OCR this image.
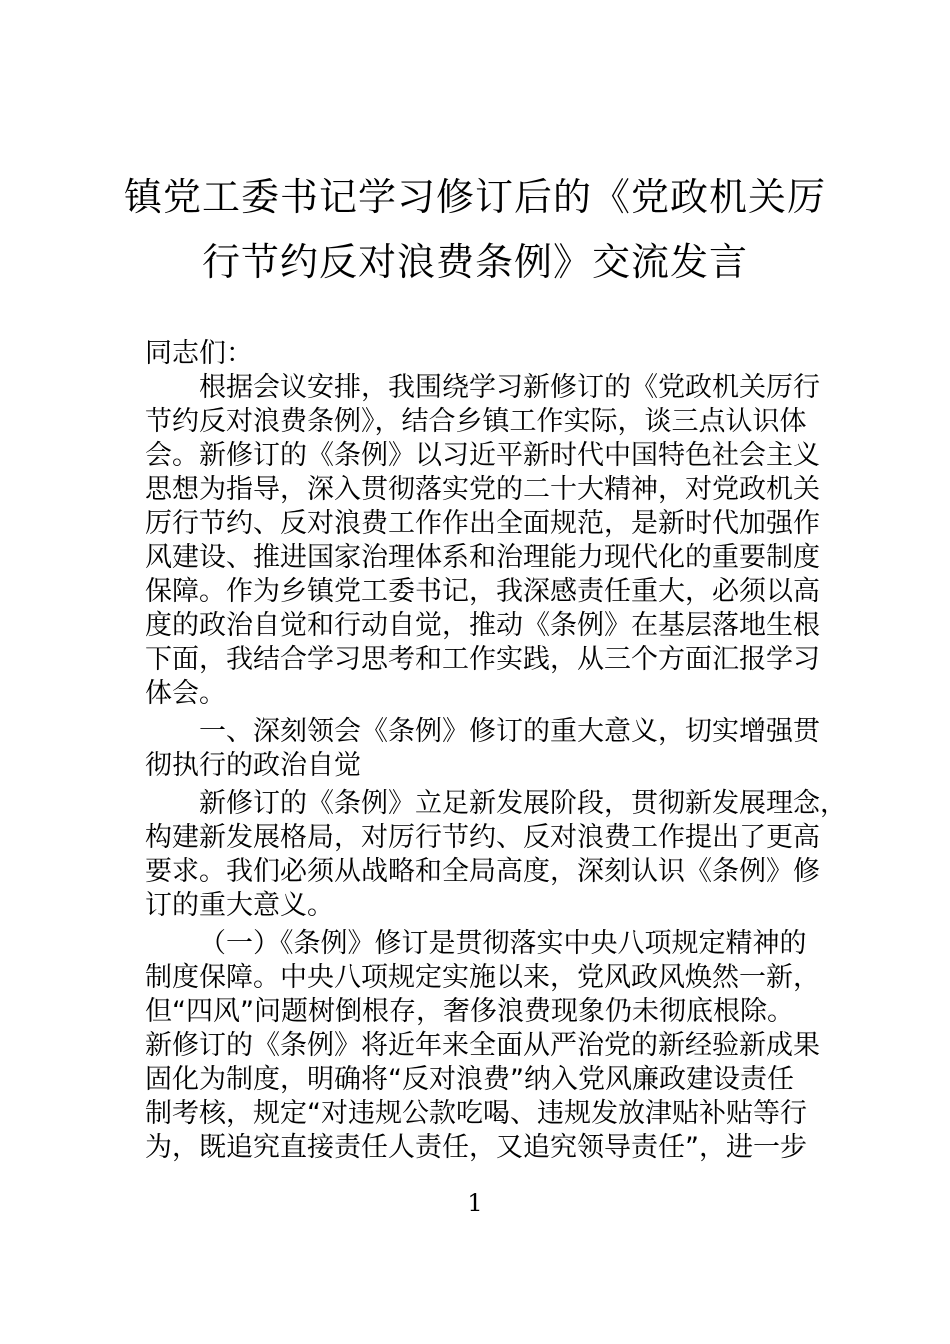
镇党工委书记学习修订后的《党政机关厉
行节约反对浪费条例》交流发言
同志们：
根据会议安排，我围绕学习新修订的《党政机关厉行
节约反对浪费条例》，结合乡镇工作实际，谈三点认识体
会。新修订的《条例》以习近平新时代中国特色社会主义
思想为指导，深入贯彻落实党的二十大精神，对党政机关
厉行节约、反对浪费工作作出全面规范，是新时代加强作
风建设、推进国家治理体系和治理能力现代化的重要制度
保障。作为乡镇党工委书记，我深感责任重大，必须以高
度的政治自觉和行动自觉，推动《条例》在基层落地生根
下面，我结合学习思考和工作实践，从三个方面汇报学习
体会。
一、深刻领会《条例》修订的重大意义，切实增强贯
彻执行的政治自觉
新修订的《条例》立足新发展阶段，贯彻新发展理念，
构建新发展格局，对厉行节约、反对浪费工作提出了更高
要求。我们必须从战略和全局高度，深刻认识《条例》修
订的重大意义。
（一）《条例》修订是贯彻落实中央八项规定精神的
制度保障。中央八项规定实施以来，党风政风焕然一新，
但“四风”问题树倒根存，奢侈浪费现象仍未彻底根除。
新修订的《条例》将近年来全面从严治党的新经验新成果
固化为制度，明确将“反对浪费”纳入党风廉政建设责任
制考核，规定“对违规公款吃喝、违规发放津贴补贴等行
为，既追究直接责任人责任，又追究领导责任”，进一步
1
